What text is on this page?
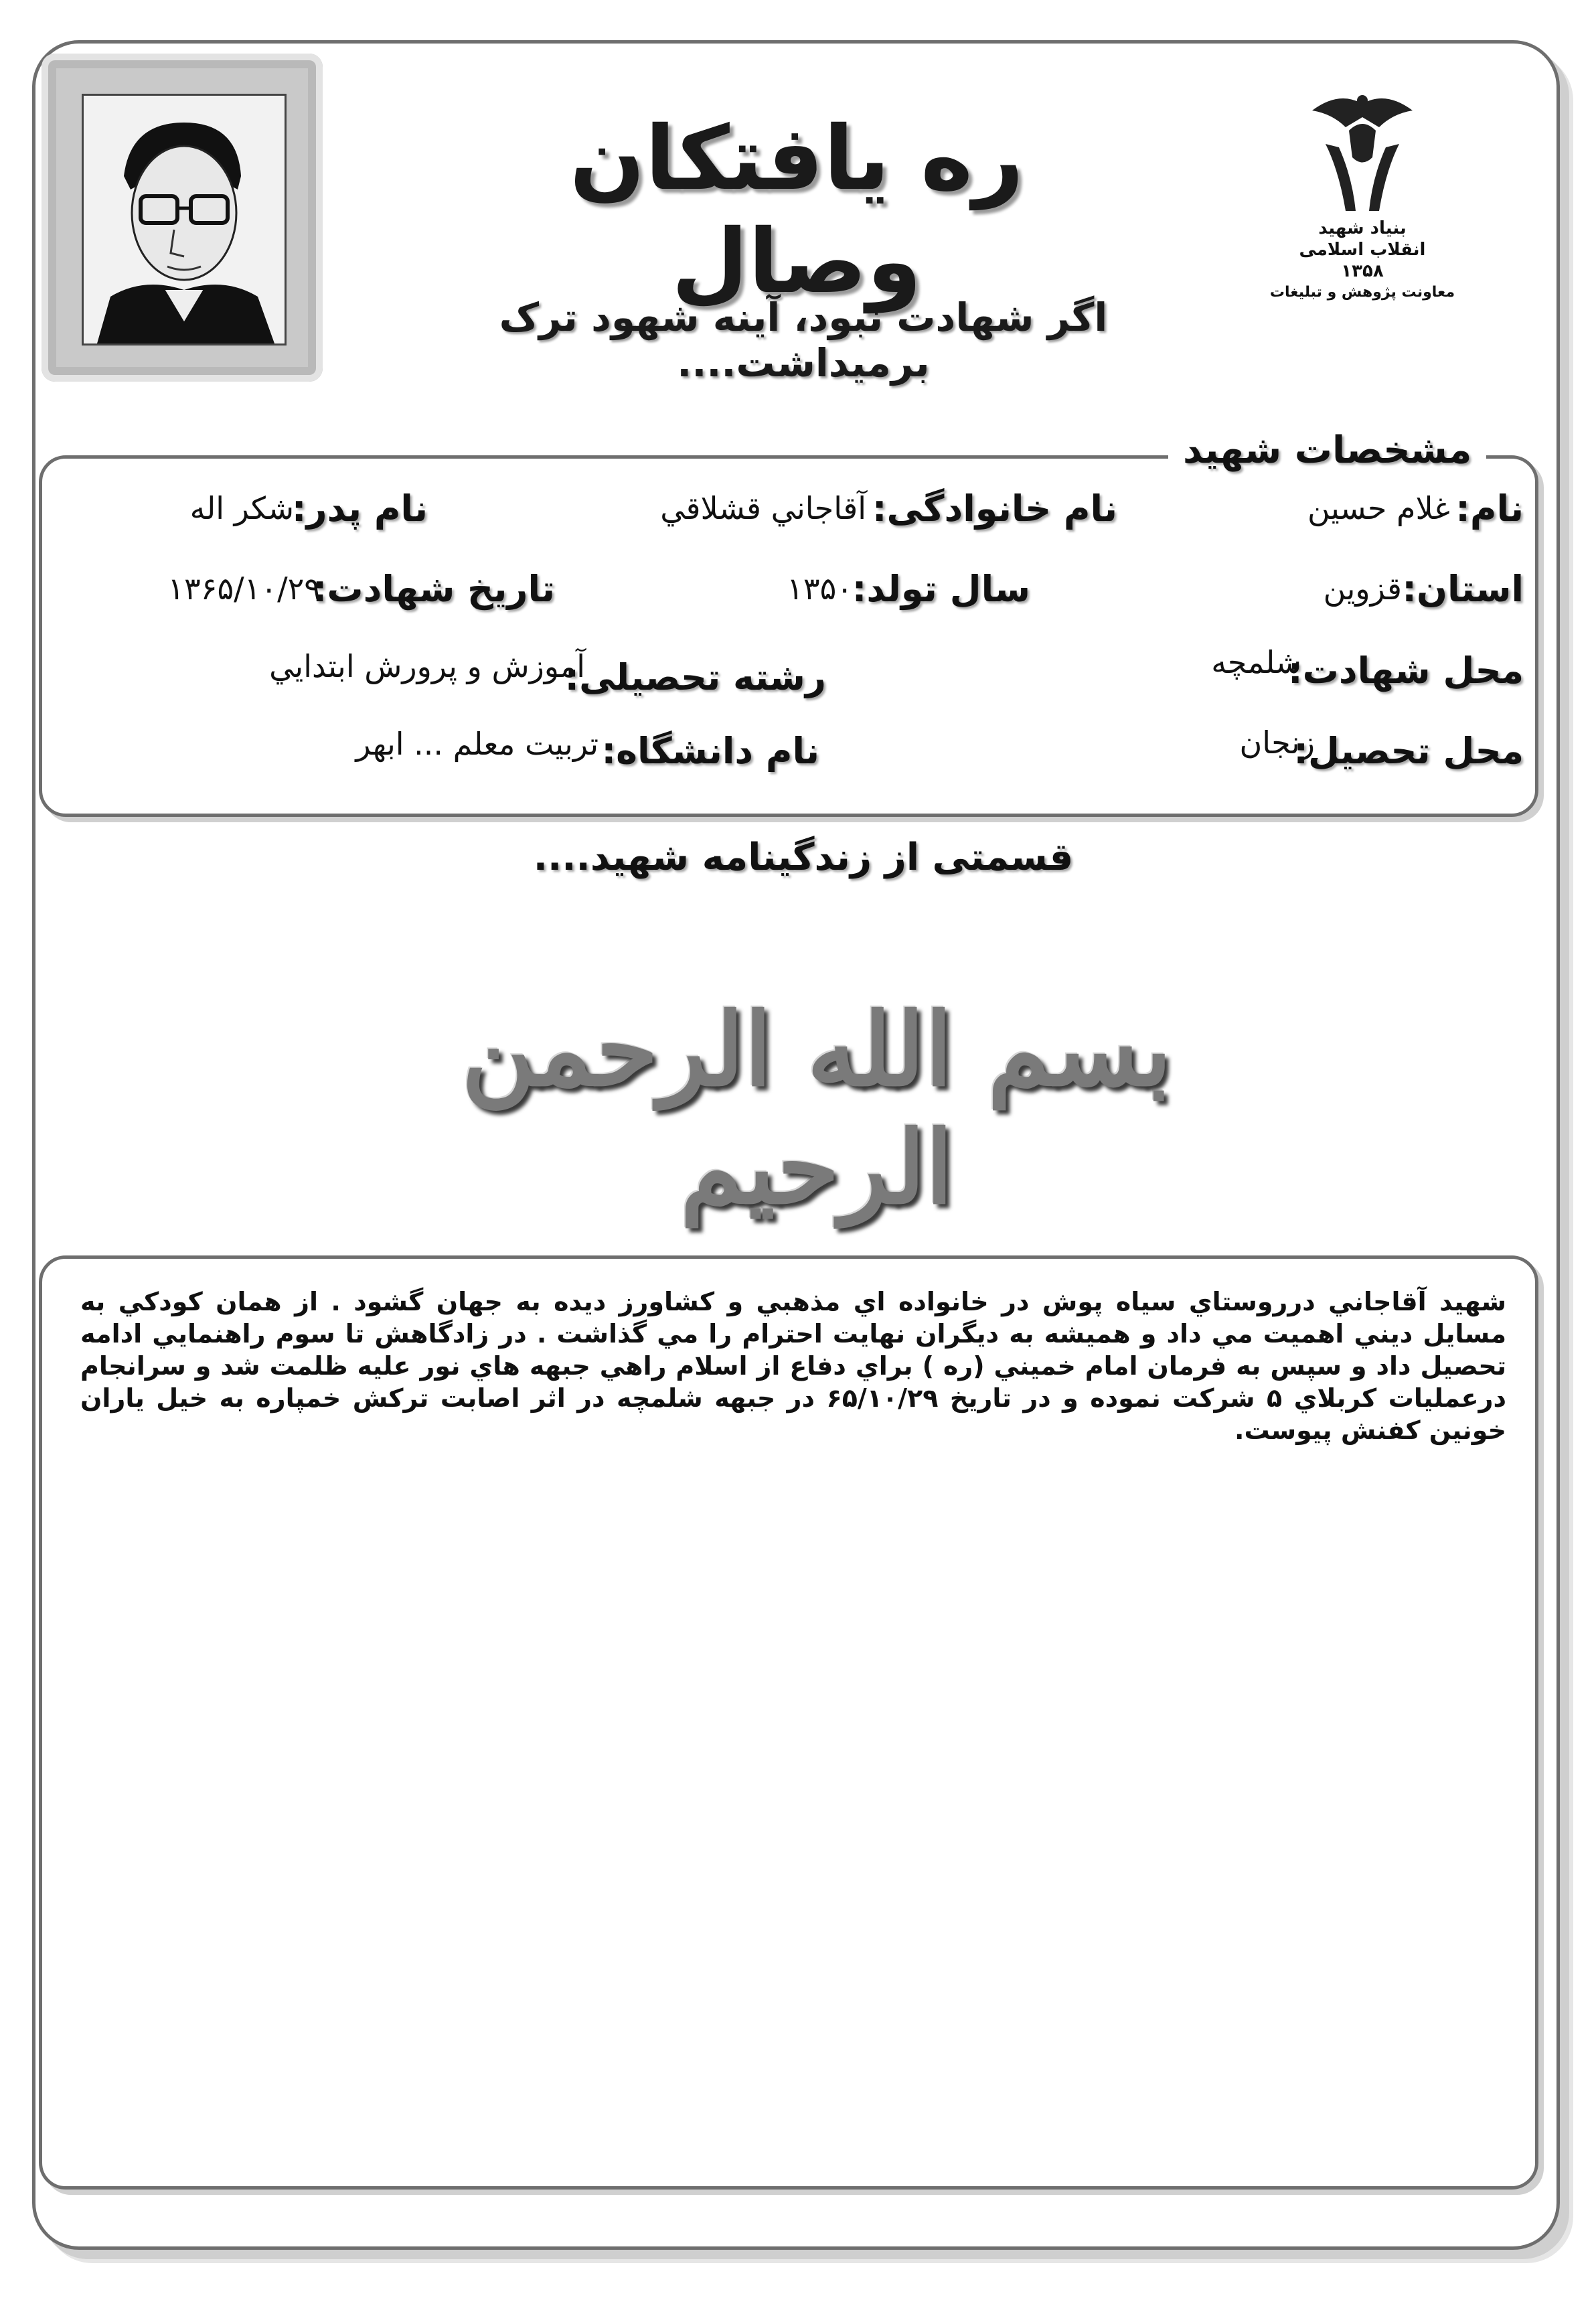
ره يافتكان وصال
اگر شهادت نبود، آينه شهود ترک برميداشت....
بنياد شهيد
انقلاب اسلامی
۱۳۵۸
معاونت پژوهش و تبليغات
مشخصات شهيد
نام:
غلام حسين
نام خانوادگی:
آقاجاني قشلاقي
نام پدر:
شكر اله
استان:
قزوين
سال تولد:
۱۳۵۰
تاريخ شهادت:
۱۳۶۵/۱۰/۲۹
محل شهادت:
شلمچه
رشته تحصيلی:
آموزش و پرورش ابتدايي
محل تحصيل:
زنجان
نام دانشگاه:
تربيت معلم ... ابهر
قسمتی از زندگينامه شهيد....
بسم الله الرحمن الرحيم
شهيد آقاجاني درروستاي سياه پوش در خانواده اي مذهبي و كشاورز ديده به جهان گشود . از همان كودكي به مسايل ديني اهميت مي داد و هميشه به ديگران نهايت احترام را مي گذاشت . در زادگاهش تا سوم راهنمايي ادامه تحصيل داد و سپس به فرمان امام خميني (ره ) براي دفاع از اسلام راهي جبهه هاي نور عليه ظلمت شد و سرانجام درعمليات كربلاي ۵ شركت نموده و در تاريخ ۶۵/۱۰/۲۹ در جبهه شلمچه در اثر اصابت تركش خمپاره به خيل ياران خونين كفنش پيوست.
